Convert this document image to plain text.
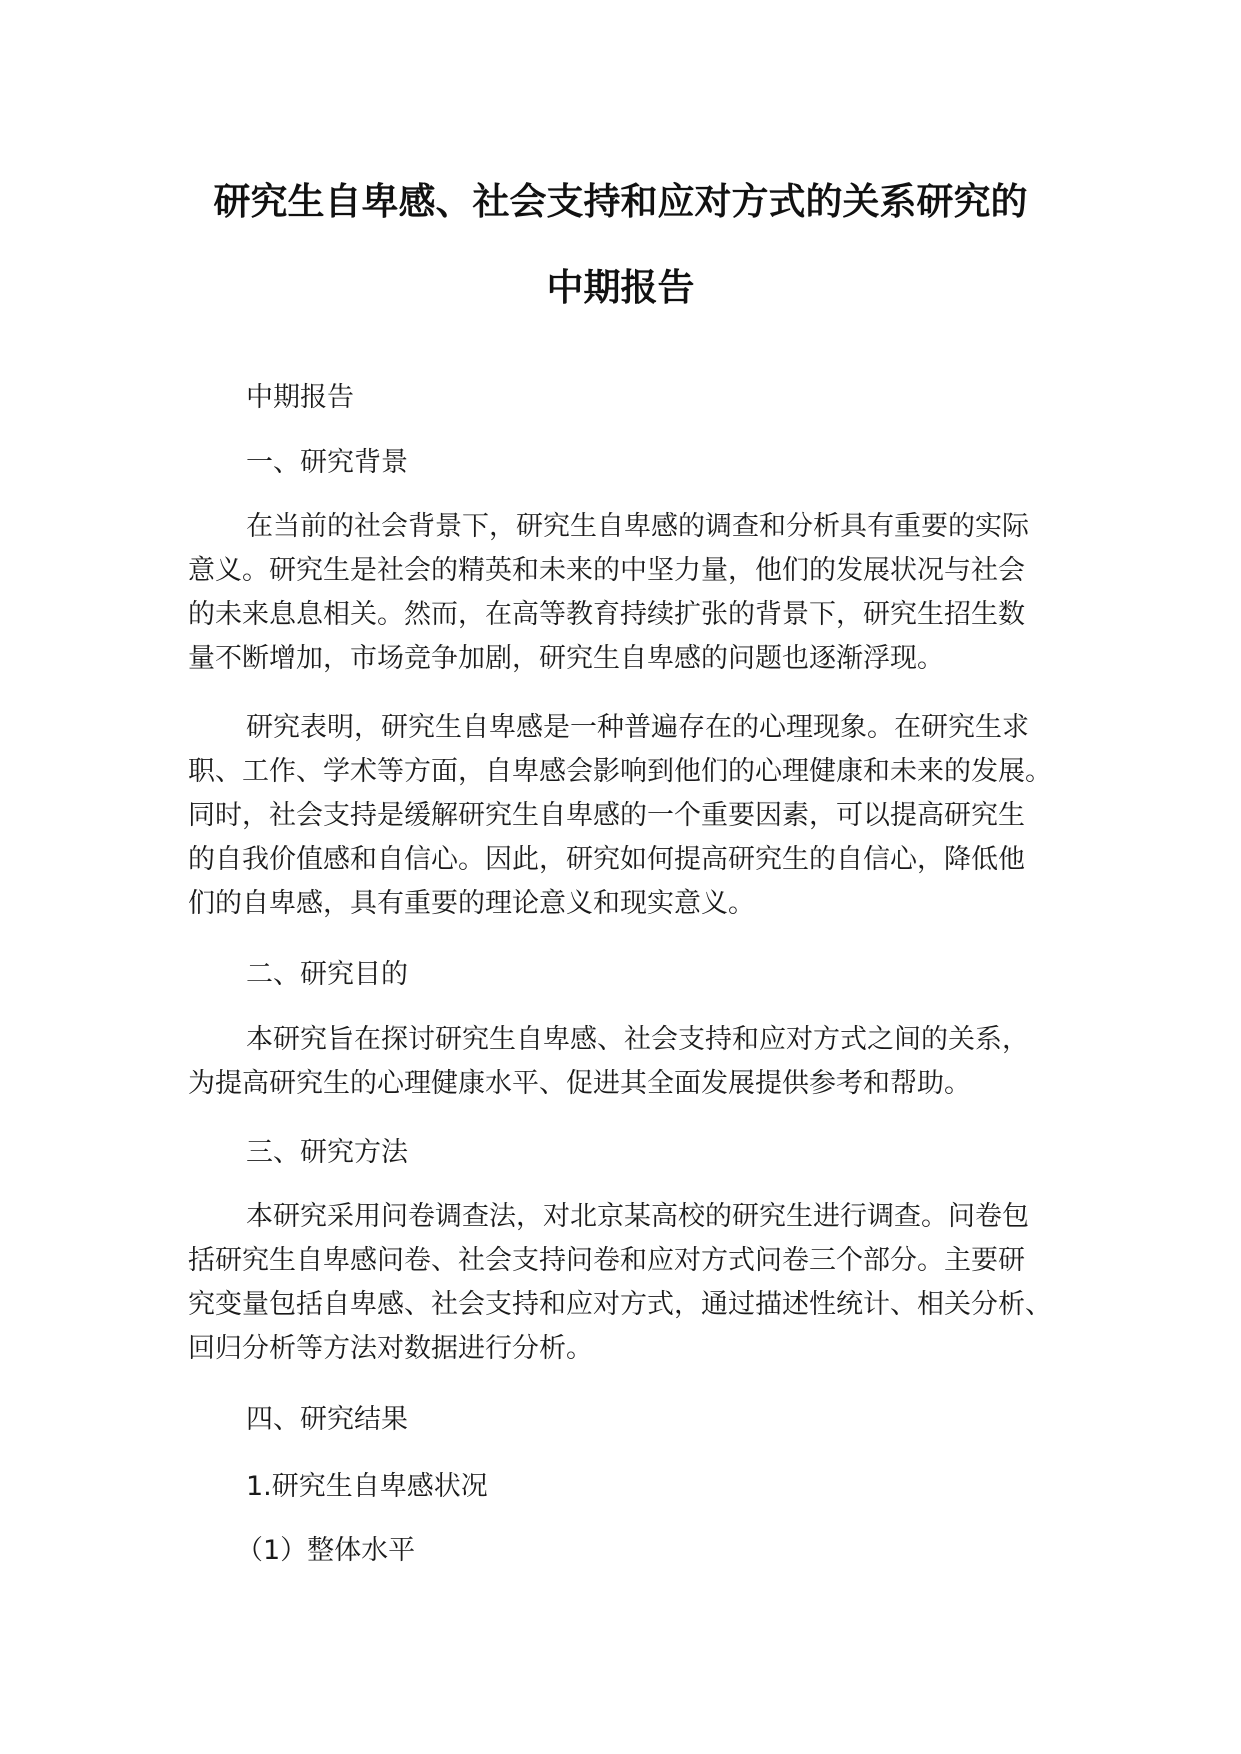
研究生自卑感、社会支持和应对方式的关系研究的
中期报告
中期报告
一、研究背景
在当前的社会背景下，研究生自卑感的调查和分析具有重要的实际
意义。研究生是社会的精英和未来的中坚力量，他们的发展状况与社会
的未来息息相关。然而，在高等教育持续扩张的背景下，研究生招生数
量不断增加，市场竞争加剧，研究生自卑感的问题也逐渐浮现。
研究表明，研究生自卑感是一种普遍存在的心理现象。在研究生求
职、工作、学术等方面，自卑感会影响到他们的心理健康和未来的发展。
同时，社会支持是缓解研究生自卑感的一个重要因素，可以提高研究生
的自我价值感和自信心。因此，研究如何提高研究生的自信心，降低他
们的自卑感，具有重要的理论意义和现实意义。
二、研究目的
本研究旨在探讨研究生自卑感、社会支持和应对方式之间的关系，
为提高研究生的心理健康水平、促进其全面发展提供参考和帮助。
三、研究方法
本研究采用问卷调查法，对北京某高校的研究生进行调查。问卷包
括研究生自卑感问卷、社会支持问卷和应对方式问卷三个部分。主要研
究变量包括自卑感、社会支持和应对方式，通过描述性统计、相关分析、
回归分析等方法对数据进行分析。
四、研究结果
1.研究生自卑感状况
（1）整体水平
